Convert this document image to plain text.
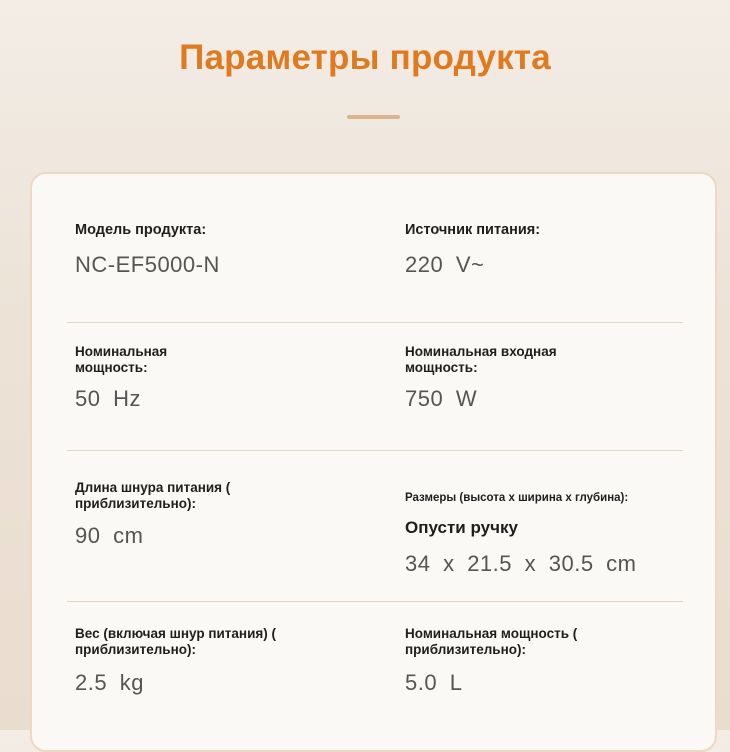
Параметры продукта
Модель продукта:
NC-EF5000-N
Источник питания:
220 V~
Номинальная
мощность:
50 Hz
Номинальная входная
мощность:
750 W
Длина шнура питания (
приблизительно):
90 cm
Размеры (высота x ширина x глубина):
Опусти ручку
34 x 21.5 x 30.5 cm
Вес (включая шнур питания) (
приблизительно):
2.5 kg
Номинальная мощность (
приблизительно):
5.0 L
